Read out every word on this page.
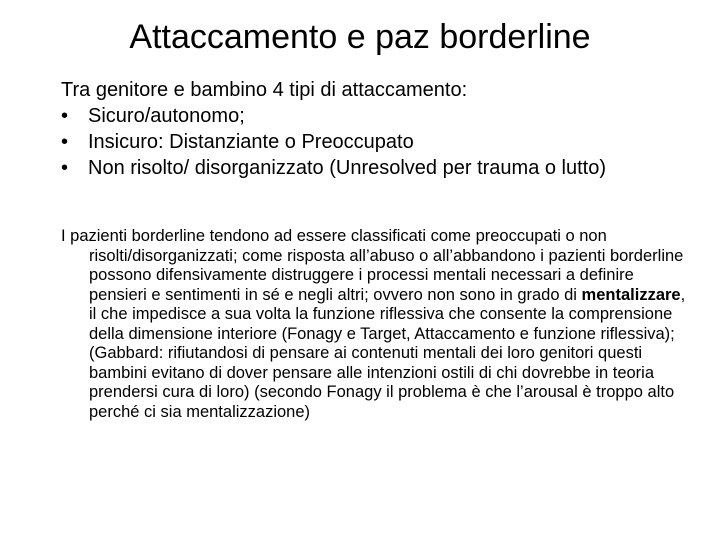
Attaccamento e paz borderline

Tra genitore e bambino 4 tipi di attaccamento:

• Sicuro/autonomo;
• Insicuro: Distanziante o Preoccupato
• Non risolto/ disorganizzato (Unresolved per trauma o lutto)

I pazienti borderline tendono ad essere classificati come preoccupati o non risolti/disorganizzati; come risposta all’abuso o all’abbandono i pazienti borderline possono difensivamente distruggere i processi mentali necessari a definire pensieri e sentimenti in sé e negli altri; ovvero non sono in grado di mentalizzare, il che impedisce a sua volta la funzione riflessiva che consente la comprensione della dimensione interiore (Fonagy e Target, Attaccamento e funzione riflessiva); (Gabbard: rifiutandosi di pensare ai contenuti mentali dei loro genitori questi bambini evitano di dover pensare alle intenzioni ostili di chi dovrebbe in teoria prendersi cura di loro) (secondo Fonagy il problema è che l’arousal è troppo alto perché ci sia mentalizzazione)
